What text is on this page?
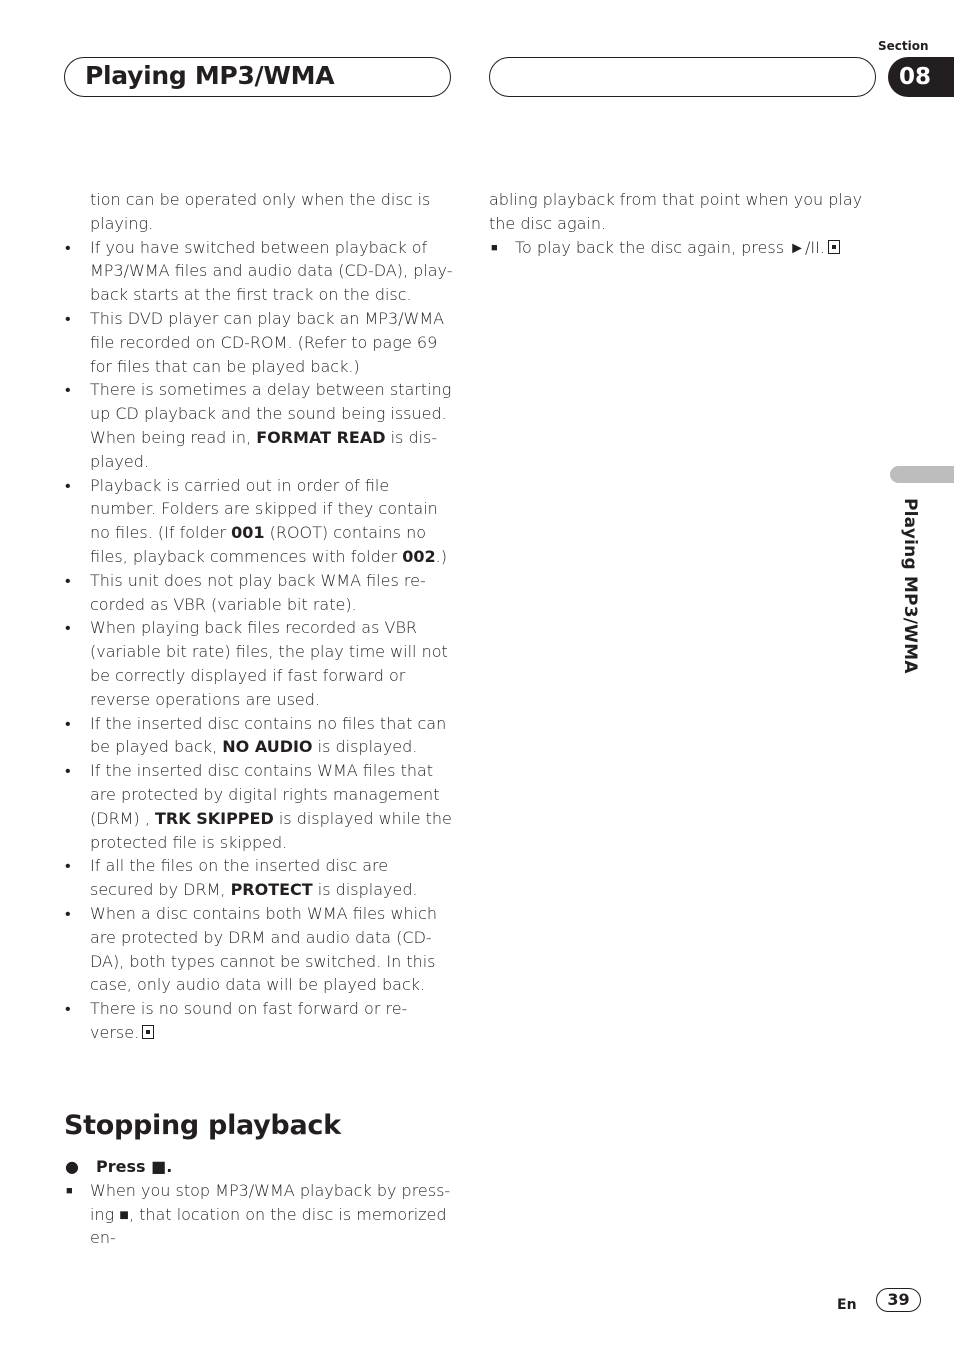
Playing MP3/WMA
Section
08
Playing MP3/WMA

tion can be operated only when the disc is playing.

• If you have switched between playback of MP3/WMA files and audio data (CD-DA), play-back starts at the first track on the disc.

• This DVD player can play back an MP3/WMA file recorded on CD-ROM. (Refer to page 69 for files that can be played back.)

• There is sometimes a delay between starting up CD playback and the sound being issued. When being read in, FORMAT READ is dis-played.

• Playback is carried out in order of file number. Folders are skipped if they contain no files. (If folder 001 (ROOT) contains no files, playback commences with folder 002.)

• This unit does not play back WMA files re-corded as VBR (variable bit rate).

• When playing back files recorded as VBR (variable bit rate) files, the play time will not be correctly displayed if fast forward or reverse operations are used.

• If the inserted disc contains no files that can be played back, NO AUDIO is displayed.

• If the inserted disc contains WMA files that are protected by digital rights management (DRM) , TRK SKIPPED is displayed while the protected file is skipped.

• If all the files on the inserted disc are secured by DRM, PROTECT is displayed.

• When a disc contains both WMA files which are protected by DRM and audio data (CD-DA), both types cannot be switched. In this case, only audio data will be played back.

• There is no sound on fast forward or re-verse.

Stopping playback

● Press ■.

■ When you stop MP3/WMA playback by press-ing ■, that location on the disc is memorized en-

abling playback from that point when you play the disc again.

■ To play back the disc again, press ►/II.

En	39
